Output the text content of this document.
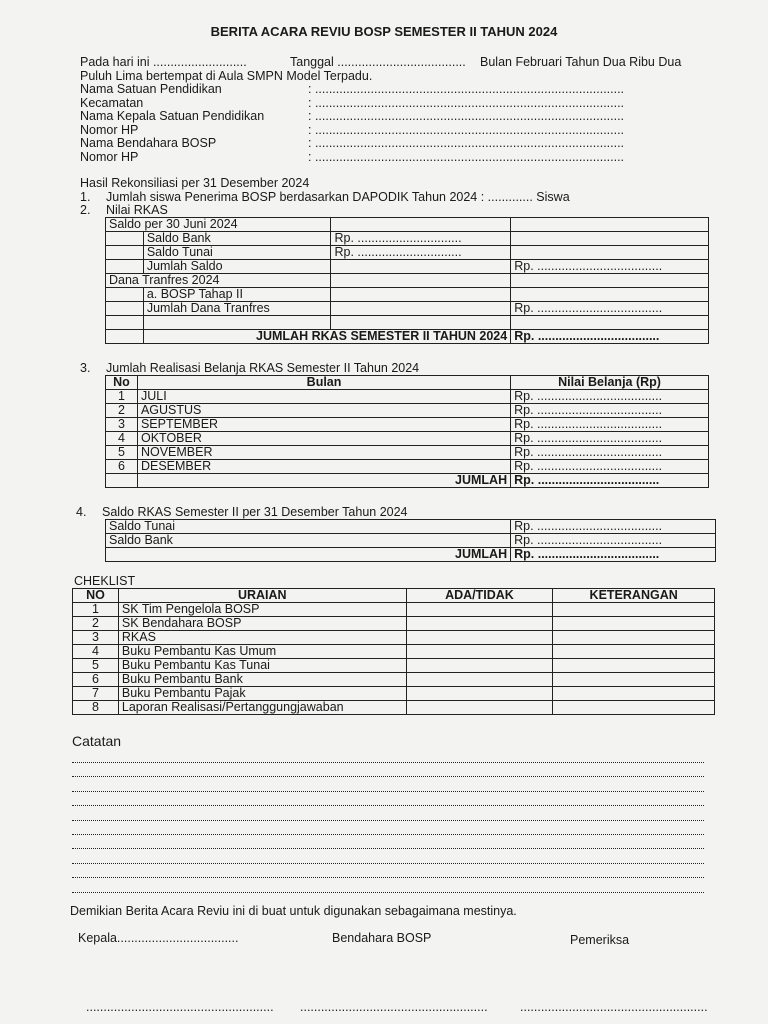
BERITA ACARA REVIU BOSP SEMESTER II TAHUN 2024
Pada hari ini ...........................	Tanggal ..................................... Bulan Februari Tahun Dua Ribu Dua
Puluh Lima bertempat di Aula SMPN Model Terpadu.
Nama Satuan Pendidikan	: .........................................................................................
Kecamatan	: .........................................................................................
Nama Kepala Satuan Pendidikan	: .........................................................................................
Nomor HP	: .........................................................................................
Nama Bendahara BOSP	: .........................................................................................
Nomor HP	: .........................................................................................
Hasil Rekonsiliasi per 31 Desember 2024
1. Jumlah siswa Penerima BOSP berdasarkan DAPODIK Tahun 2024 : ............. Siswa
2. Nilai RKAS
Saldo per 30 Juni 2024			
	Saldo Bank	Rp. ..............................	
	Saldo Tunai	Rp. ..............................	
	Jumlah Saldo		Rp. ....................................
Dana Tranfres 2024			
	a. BOSP Tahap II		
	Jumlah Dana Tranfres		Rp. ....................................

	JUMLAH RKAS SEMESTER II TAHUN 2024		Rp. ...................................
3. Jumlah Realisasi Belanja RKAS Semester II Tahun 2024
No	Bulan	Nilai Belanja (Rp)
1	JULI	Rp. ....................................
2	AGUSTUS	Rp. ....................................
3	SEPTEMBER	Rp. ....................................
4	OKTOBER	Rp. ....................................
5	NOVEMBER	Rp. ....................................
6	DESEMBER	Rp. ....................................
	JUMLAH	Rp. ...................................
4. Saldo RKAS Semester II per 31 Desember Tahun 2024
Saldo Tunai	Rp. ....................................
Saldo Bank	Rp. ....................................
JUMLAH	Rp. ...................................
CHEKLIST
NO	URAIAN	ADA/TIDAK	KETERANGAN
1	SK Tim Pengelola BOSP		
2	SK Bendahara BOSP		
3	RKAS		
4	Buku Pembantu Kas Umum		
5	Buku Pembantu Kas Tunai		
6	Buku Pembantu Bank		
7	Buku Pembantu Pajak		
8	Laporan Realisasi/Pertanggungjawaban		
Catatan
Demikian Berita Acara Reviu ini di buat untuk digunakan sebagaimana mestinya.
Kepala...................................	Bendahara BOSP	Pemeriksa
...................................................... ......................................................	......................................................
